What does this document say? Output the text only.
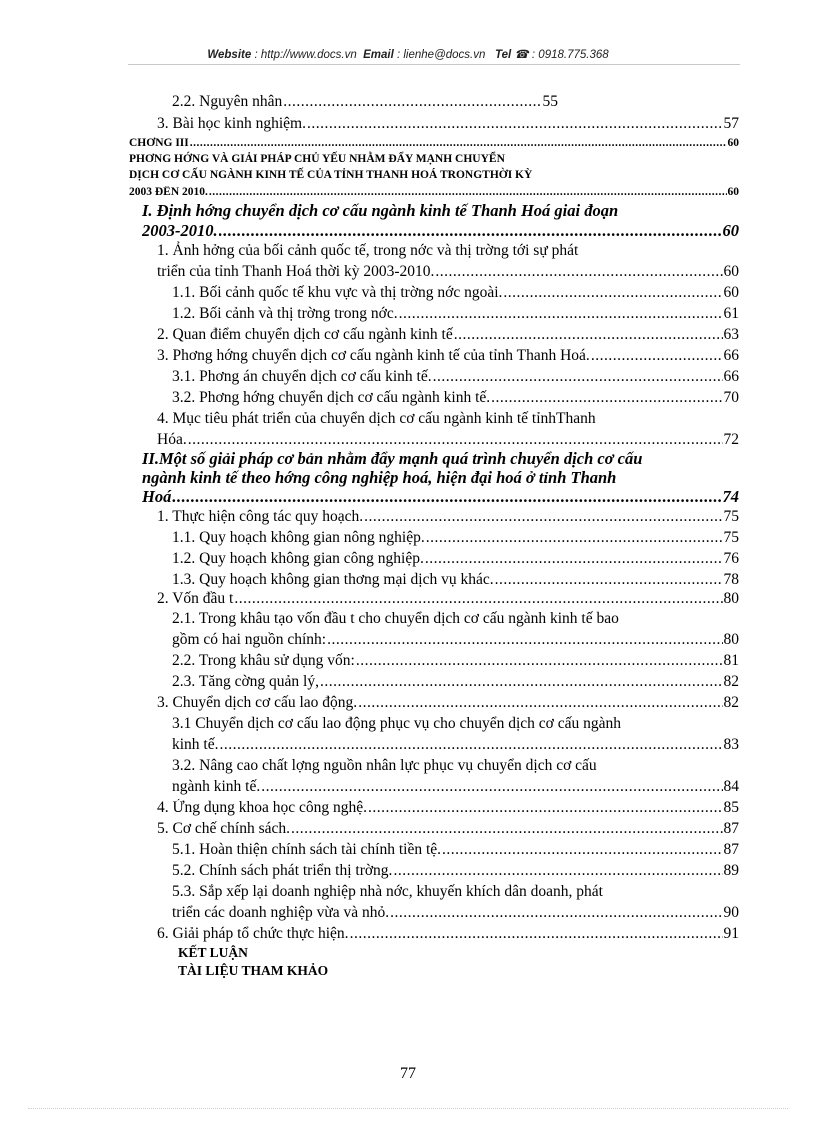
Website : http://www.docs.vn Email : lienhe@docs.vn Tel ☎ : 0918.775.368
2.2. Nguyên nhân .....	55
3. Bài học kinh nghiệm. .....	57
CHƠNG III .....	60
PHƠNG HỚNG VÀ GIẢI PHÁP CHỦ YẾU NHẰM ĐẨY MẠNH CHUYỂN
DỊCH CƠ CẤU NGÀNH KINH TẾ CỦA TỈNH THANH HOÁ TRONGTHỜI KỲ
2003 ĐẾN 2010. .....	60
I. Định hớng chuyển dịch cơ cấu ngành kinh tế Thanh Hoá giai đoạn
2003-2010. .....	60
1. Ảnh hởng của bối cảnh quốc tế, trong nớc và thị trờng tới sự phát
triển của tỉnh Thanh Hoá thời kỳ 2003-2010. .....	60
1.1. Bối cảnh quốc tế khu vực và thị trờng nớc ngoài. .....	60
1.2. Bối cảnh và thị trờng trong nớc. .....	61
2. Quan điểm chuyển dịch cơ cấu ngành kinh tế .....	63
3. Phơng hớng chuyển dịch cơ cấu ngành kinh tế của tỉnh Thanh Hoá. .....	66
3.1. Phơng án chuyển dịch cơ cấu kinh tế. .....	66
3.2. Phơng hớng chuyển dịch cơ cấu ngành kinh tế. .....	70
4. Mục tiêu phát triển của chuyển dịch cơ cấu ngành kinh tế tỉnhThanh
Hóa. .....	72
II.Một số giải pháp cơ bản nhằm đẩy mạnh quá trình chuyển dịch cơ cấu
ngành kinh tế theo hớng công nghiệp hoá, hiện đại hoá ở tỉnh Thanh
Hoá .....	74
1. Thực hiện công tác quy hoạch. .....	75
1.1. Quy hoạch không gian nông nghiệp. .....	75
1.2. Quy hoạch không gian công nghiệp. .....	76
1.3. Quy hoạch không gian thơng mại dịch vụ khác. .....	78
2. Vốn đầu t .....	80
2.1. Trong khâu tạo vốn đầu t cho chuyển dịch cơ cấu ngành kinh tế bao
gồm có hai nguồn chính: .....	80
2.2. Trong khâu sử dụng vốn: .....	81
2.3. Tăng cờng quản lý, .....	82
3. Chuyển dịch cơ cấu lao động. .....	82
3.1 Chuyển dịch cơ cấu lao động phục vụ cho chuyển dịch cơ cấu ngành
kinh tế. .....	83
3.2. Nâng cao chất lợng nguồn nhân lực phục vụ chuyển dịch cơ cấu
ngành kinh tế. .....	84
4. Ứng dụng khoa học công nghệ. .....	85
5. Cơ chế chính sách. .....	87
5.1. Hoàn thiện chính sách tài chính tiền tệ. .....	87
5.2. Chính sách phát triển thị trờng. .....	89
5.3. Sắp xếp lại doanh nghiệp nhà nớc, khuyến khích dân doanh, phát
triển các doanh nghiệp vừa và nhỏ. .....	90
6. Giải pháp tổ chức thực hiện. .....	91
KẾT LUẬN
TÀI LIỆU THAM KHẢO
77
